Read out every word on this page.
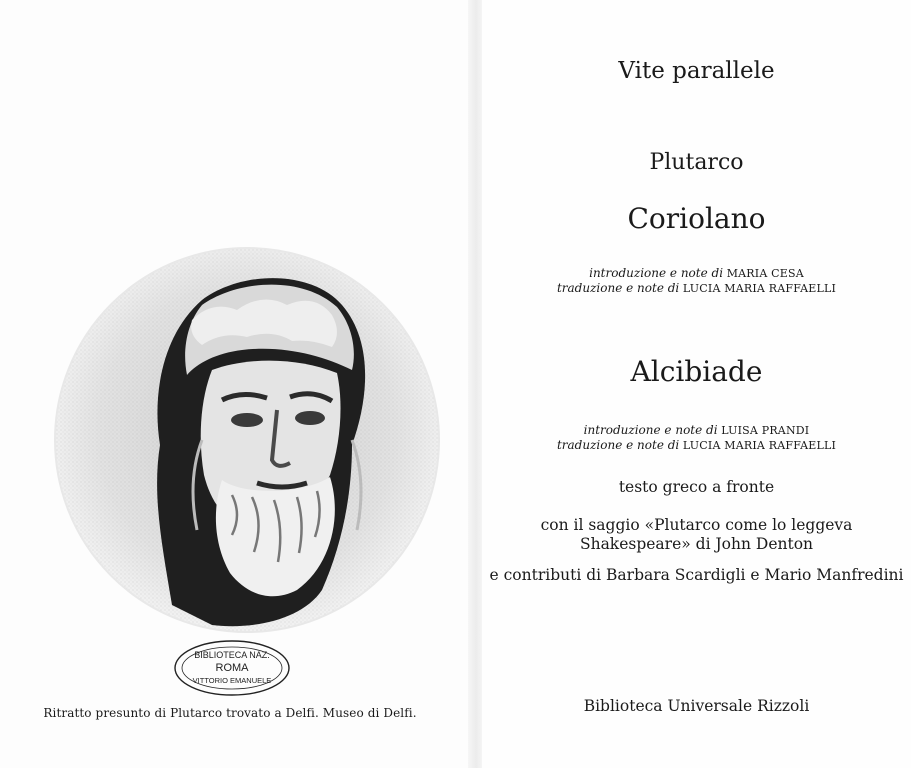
BIBLIOTECA NAZ.
ROMA
VITTORIO EMANUELE
Ritratto presunto di Plutarco trovato a Delfi. Museo di Delfi.
Vite parallele
Plutarco
Coriolano
introduzione e note di MARIA CESA
traduzione e note di LUCIA MARIA RAFFAELLI
Alcibiade
introduzione e note di LUISA PRANDI
traduzione e note di LUCIA MARIA RAFFAELLI
testo greco a fronte
con il saggio «Plutarco come lo leggeva
Shakespeare» di John Denton
e contributi di Barbara Scardigli e Mario Manfredini
Biblioteca Universale Rizzoli
